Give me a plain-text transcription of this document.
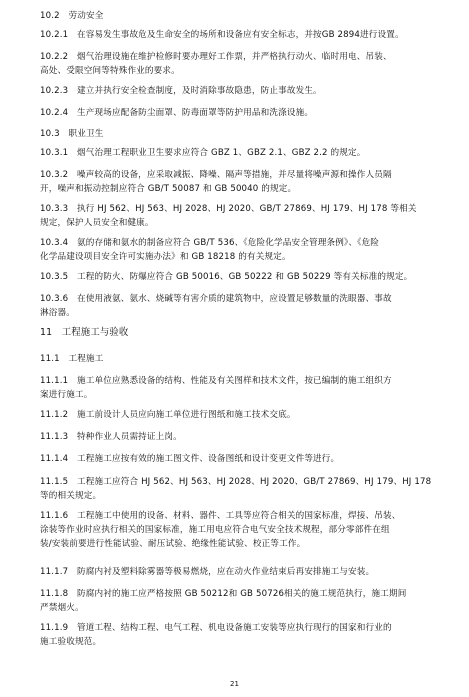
10.2　劳动安全
10.2.1　在容易发生事故危及生命安全的场所和设备应有安全标志，并按GB 2894进行设置。
10.2.2　烟气治理设施在维护检修时要办理好工作票，并严格执行动火、临时用电、吊装、
高处、受限空间等特殊作业的要求。
10.2.3　建立并执行安全检查制度，及时消除事故隐患，防止事故发生。
10.2.4　生产现场应配备防尘面罩、防毒面罩等防护用品和洗涤设施。
10.3　职业卫生
10.3.1　烟气治理工程职业卫生要求应符合 GBZ 1、GBZ 2.1、GBZ 2.2 的规定。
10.3.2　噪声较高的设备，应采取减振、降噪、隔声等措施，并尽量将噪声源和操作人员隔
开，噪声和振动控制应符合 GB/T 50087 和 GB 50040 的规定。
10.3.3　执行 HJ 562、HJ 563、HJ 2028、HJ 2020、GB/T 27869、HJ 179、HJ 178 等相关
规定，保护人员安全和健康。
10.3.4　氨的存储和氨水的制备应符合 GB/T 536、《危险化学品安全管理条例》、《危险
化学品建设项目安全许可实施办法》和 GB 18218 的有关规定。
10.3.5　工程的防火、防爆应符合 GB 50016、GB 50222 和 GB 50229 等有关标准的规定。
10.3.6　在使用液氨、氨水、烧碱等有害介质的建筑物中，应设置足够数量的洗眼器、事故
淋浴器。
11　工程施工与验收
11.1　工程施工
11.1.1　施工单位应熟悉设备的结构、性能及有关图样和技术文件，按已编制的施工组织方
案进行施工。
11.1.2　施工前设计人员应向施工单位进行图纸和施工技术交底。
11.1.3　特种作业人员需持证上岗。
11.1.4　工程施工应按有效的施工图文件、设备图纸和设计变更文件等进行。
11.1.5　工程施工应符合 HJ 562、HJ 563、HJ 2028、HJ 2020、GB/T 27869、HJ 179、HJ 178
等的相关规定。
11.1.6　工程施工中使用的设备、材料、器件、工具等应符合相关的国家标准，焊接、吊装、
涂装等作业时应执行相关的国家标准，施工用电应符合电气安全技术规程，部分零部件在组
装/安装前要进行性能试验、耐压试验、绝缘性能试验、校正等工作。
11.1.7　防腐内衬及塑料除雾器等极易燃烧，应在动火作业结束后再安排施工与安装。
11.1.8　防腐内衬的施工应严格按照 GB 50212和 GB 50726相关的施工规范执行，施工期间
严禁烟火。
11.1.9　管道工程、结构工程、电气工程、机电设备施工安装等应执行现行的国家和行业的
施工验收规范。
21
